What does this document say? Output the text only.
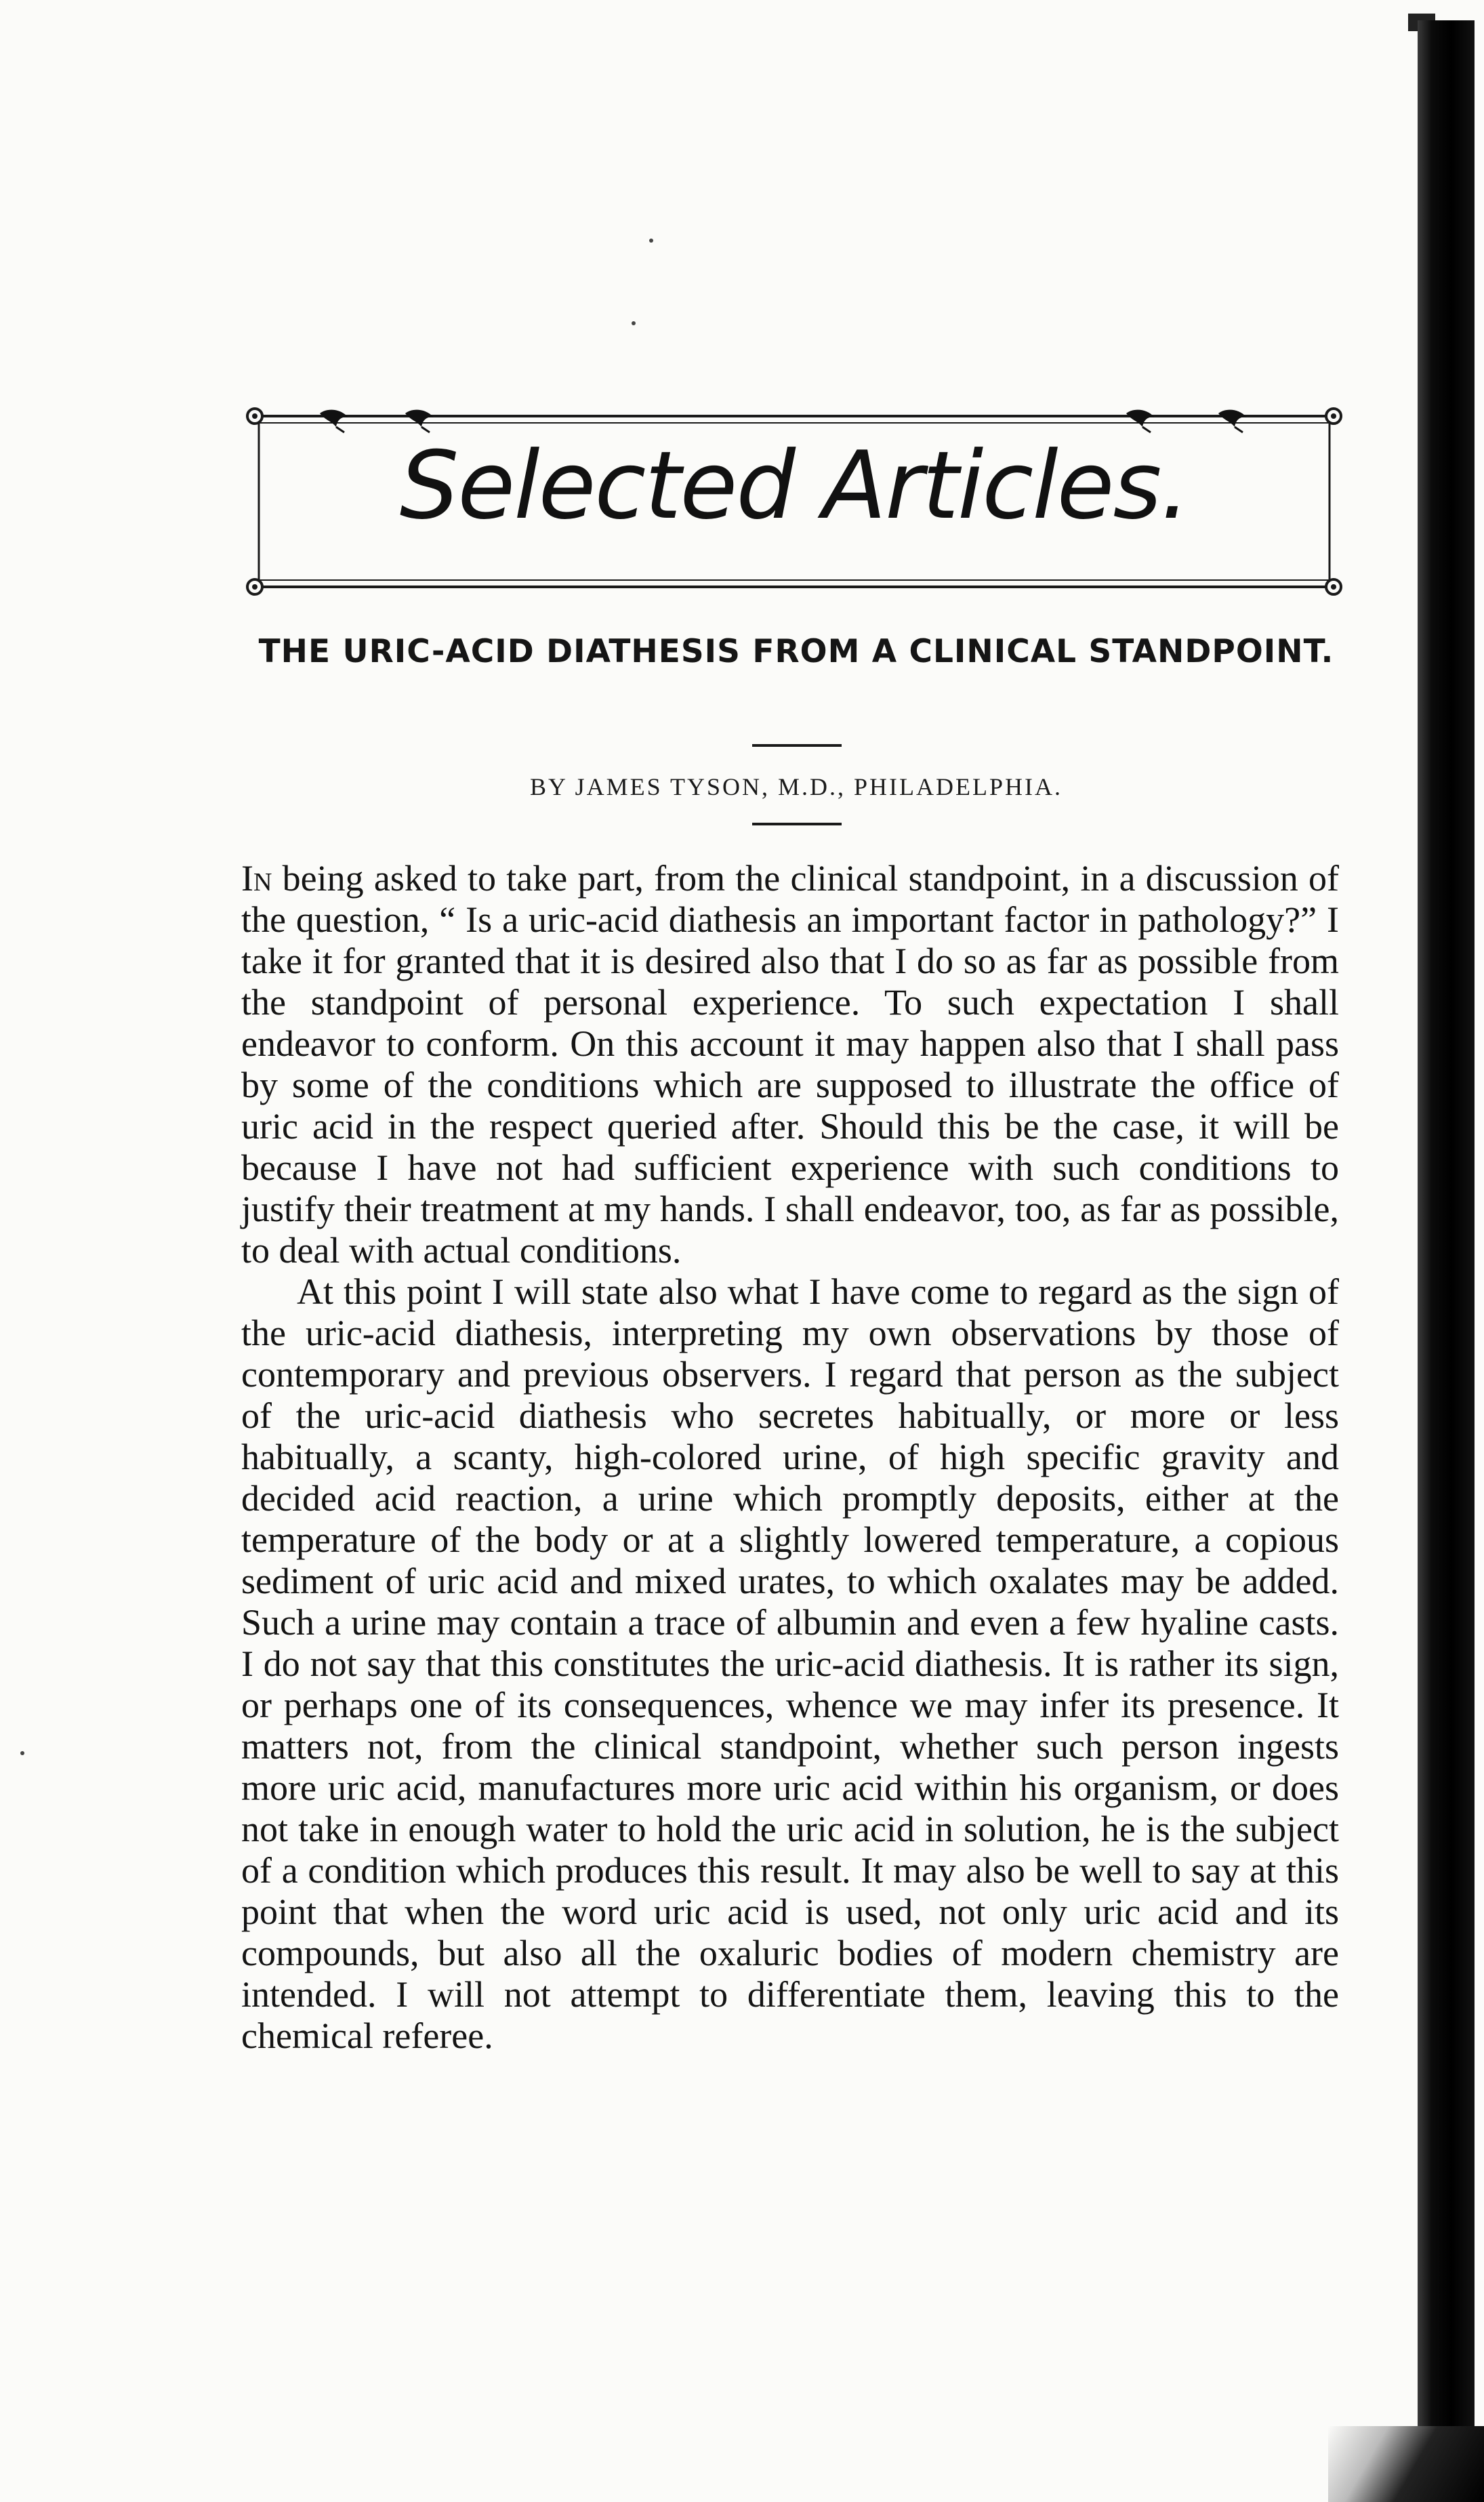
Selected Articles.
THE URIC-ACID DIATHESIS FROM A CLINICAL STANDPOINT.
BY JAMES TYSON, M.D., PHILADELPHIA.

In being asked to take part, from the clinical standpoint, in a discussion of the question, “ Is a uric-acid diathesis an important factor in pathology?” I take it for granted that it is desired also that I do so as far as possible from the standpoint of personal experience. To such expectation I shall endeavor to conform. On this account it may happen also that I shall pass by some of the conditions which are supposed to illustrate the office of uric acid in the respect queried after. Should this be the case, it will be because I have not had sufficient experience with such conditions to justify their treatment at my hands. I shall endeavor, too, as far as possible, to deal with actual conditions.

At this point I will state also what I have come to regard as the sign of the uric-acid diathesis, interpreting my own observations by those of contemporary and previous observers. I regard that person as the subject of the uric-acid diathesis who secretes habitually, or more or less habitually, a scanty, high-colored urine, of high specific gravity and decided acid reaction, a urine which promptly deposits, either at the temperature of the body or at a slightly lowered temperature, a copious sediment of uric acid and mixed urates, to which oxalates may be added. Such a urine may contain a trace of albumin and even a few hyaline casts. I do not say that this constitutes the uric-acid diathesis. It is rather its sign, or perhaps one of its consequences, whence we may infer its presence. It matters not, from the clinical standpoint, whether such person ingests more uric acid, manufactures more uric acid within his organism, or does not take in enough water to hold the uric acid in solution, he is the subject of a condition which produces this result. It may also be well to say at this point that when the word uric acid is used, not only uric acid and its compounds, but also all the oxaluric bodies of modern chemistry are intended. I will not attempt to differentiate them, leaving this to the chemical referee.
